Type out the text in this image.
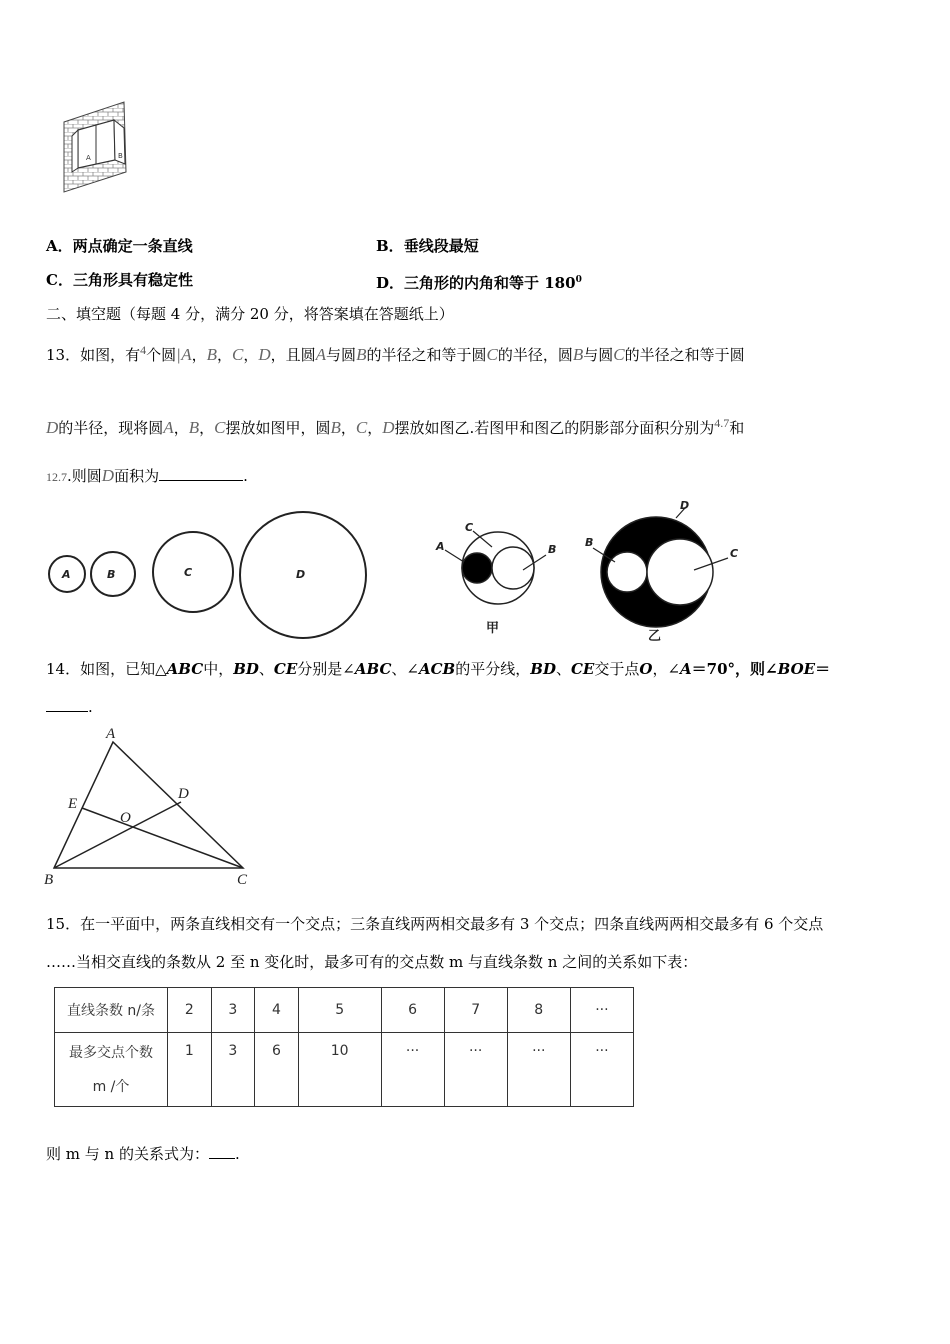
A	B
A．两点确定一条直线	B．垂线段最短
C．三角形具有稳定性	D．三角形的内角和等于 $180^0$
二、填空题（每题 4 分，满分 20 分，将答案填在答题纸上）
13．如图，有$^4$个圆|A，B，C，D，且圆A与圆B的半径之和等于圆C的半径，圆B与圆C的半径之和等于圆
D的半径，现将圆A，B，C摆放如图甲，圆B，C，D摆放如图乙.若图甲和图乙的阴影部分面积分别为$^{4.7}$和
12.7.则圆D面积为	.
A	B	C	D
A
C
B
甲
B
D
C
乙
14．如图，已知△ABC中，BD、CE分别是∠ABC、∠ACB的平分线，BD、CE交于点O，∠A＝70°，则∠BOE＝
.
A
B	C
D
E
O
15．在一平面中，两条直线相交有一个交点；三条直线两两相交最多有 3 个交点；四条直线两两相交最多有 6 个交点
……当相交直线的条数从 2 至 n 变化时，最多可有的交点数 m 与直线条数 n 之间的关系如下表：
直线条数 n/条	2	3	4	5	6	7	8	···

最多交点个数
m /个	1	3	6	10	···	···	···	···
则 m 与 n 的关系式为： .
